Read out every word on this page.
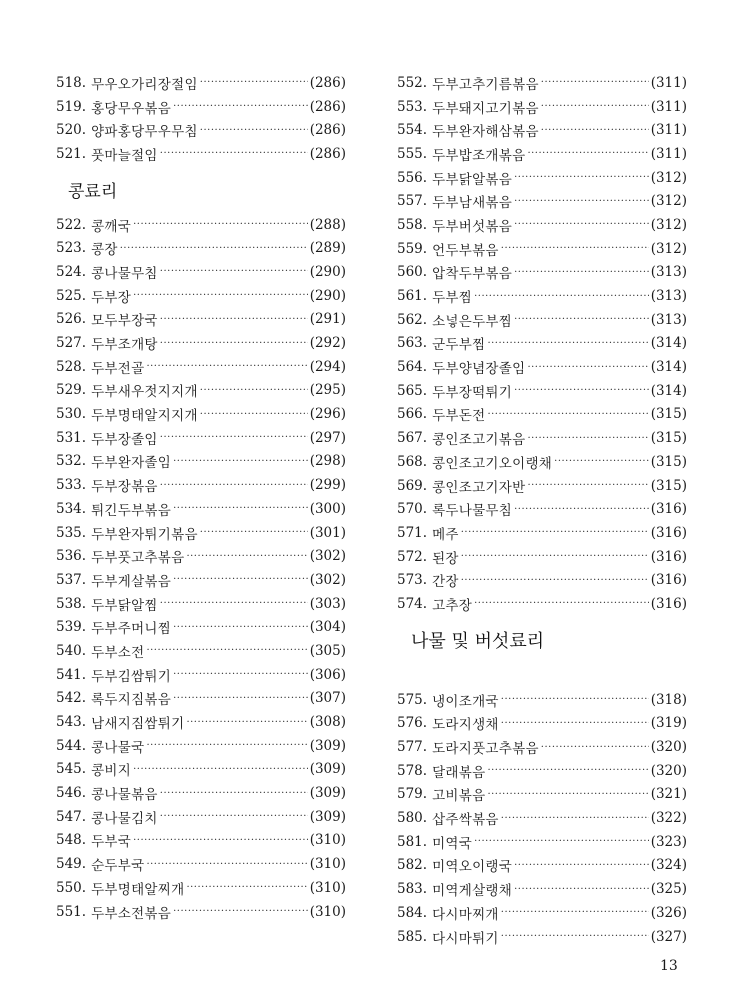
518. 무우오가리장절임 ·····	(286)
519. 홍당무우볶음 ·····	(286)
520. 양파홍당무우무침 ·····	(286)
521. 풋마늘절임 ·····	(286)
콩료리
522. 콩깨국 ·····	(288)
523. 콩장 ·····	(289)
524. 콩나물무침 ·····	(290)
525. 두부장 ·····	(290)
526. 모두부장국 ·····	(291)
527. 두부조개탕 ·····	(292)
528. 두부전골 ·····	(294)
529. 두부새우젓지지개 ·····	(295)
530. 두부명태알지지개 ·····	(296)
531. 두부장졸임 ·····	(297)
532. 두부완자졸임 ·····	(298)
533. 두부장볶음 ·····	(299)
534. 튀긴두부볶음 ·····	(300)
535. 두부완자튀기볶음 ·····	(301)
536. 두부풋고추볶음 ·····	(302)
537. 두부게살볶음 ·····	(302)
538. 두부닭알찜 ·····	(303)
539. 두부주머니찜 ·····	(304)
540. 두부소전 ·····	(305)
541. 두부김쌈튀기 ·····	(306)
542. 록두지짐볶음 ·····	(307)
543. 남새지짐쌈튀기 ·····	(308)
544. 콩나물국 ·····	(309)
545. 콩비지 ·····	(309)
546. 콩나물볶음 ·····	(309)
547. 콩나물김치 ·····	(309)
548. 두부국 ·····	(310)
549. 순두부국 ·····	(310)
550. 두부명태알찌개 ·····	(310)
551. 두부소전볶음 ·····	(310)
552. 두부고추기름볶음 ·····	(311)
553. 두부돼지고기볶음 ·····	(311)
554. 두부완자해삼볶음 ·····	(311)
555. 두부밥조개볶음 ·····	(311)
556. 두부닭알볶음 ·····	(312)
557. 두부남새볶음 ·····	(312)
558. 두부버섯볶음 ·····	(312)
559. 언두부볶음 ·····	(312)
560. 압착두부볶음 ·····	(313)
561. 두부찜 ·····	(313)
562. 소넣은두부찜 ·····	(313)
563. 군두부찜 ·····	(314)
564. 두부양념장졸임 ·····	(314)
565. 두부장떡튀기 ·····	(314)
566. 두부돈전 ·····	(315)
567. 콩인조고기볶음 ·····	(315)
568. 콩인조고기오이랭채 ·····	(315)
569. 콩인조고기자반 ·····	(315)
570. 록두나물무침 ·····	(316)
571. 메주 ·····	(316)
572. 된장 ·····	(316)
573. 간장 ·····	(316)
574. 고추장 ·····	(316)
나물 및 버섯료리
575. 냉이조개국 ·····	(318)
576. 도라지생채 ·····	(319)
577. 도라지풋고추볶음 ·····	(320)
578. 달래볶음 ·····	(320)
579. 고비볶음 ·····	(321)
580. 삽주싹볶음 ·····	(322)
581. 미역국 ·····	(323)
582. 미역오이랭국 ·····	(324)
583. 미역게살랭채 ·····	(325)
584. 다시마찌개 ·····	(326)
585. 다시마튀기 ·····	(327)
13
